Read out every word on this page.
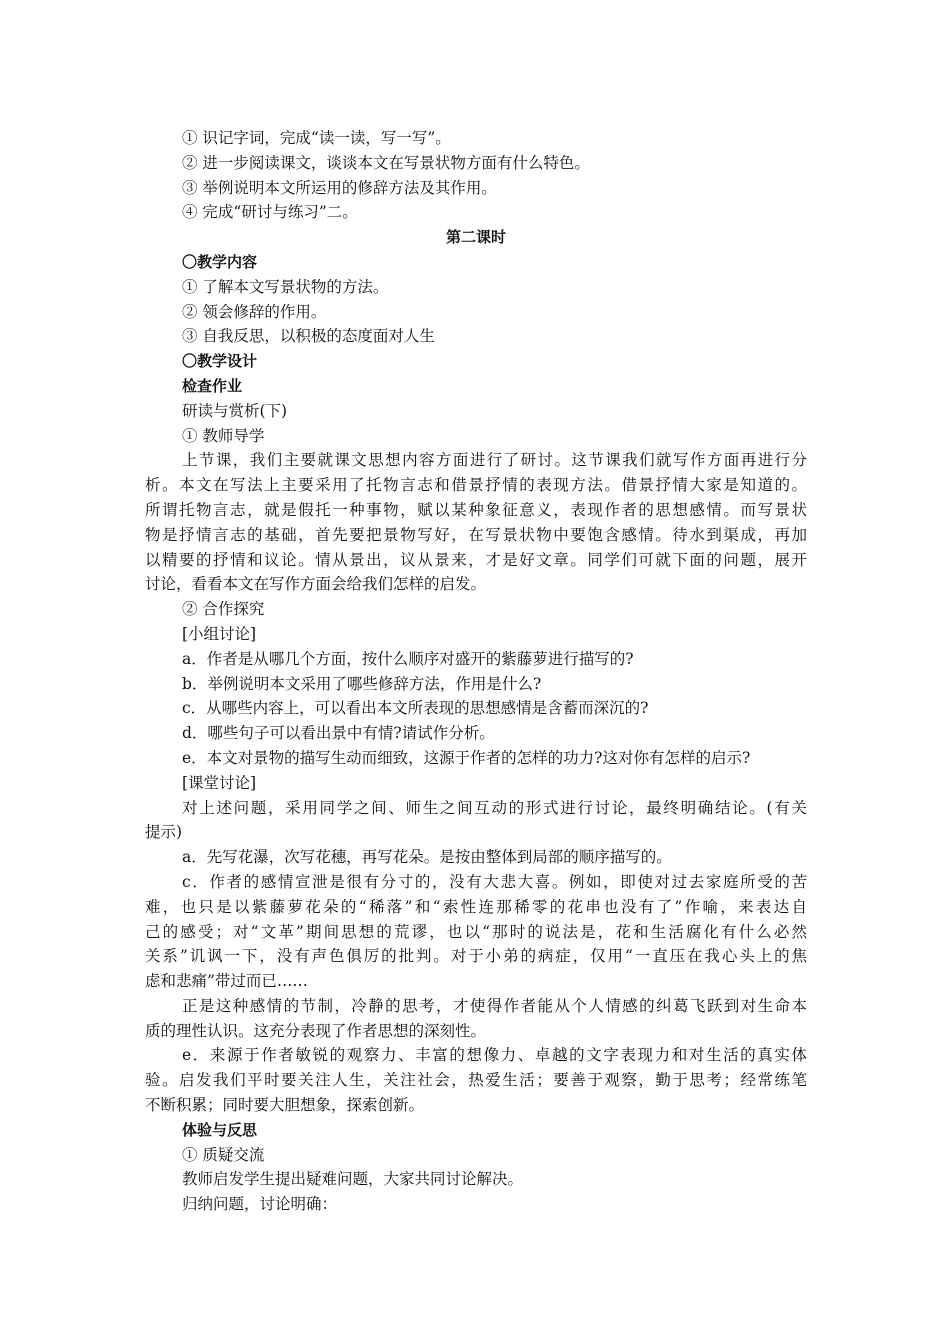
① 识记字词，完成“读一读，写一写”。
② 进一步阅读课文，谈谈本文在写景状物方面有什么特色。
③ 举例说明本文所运用的修辞方法及其作用。
④ 完成“研讨与练习”二。
第二课时
〇教学内容
① 了解本文写景状物的方法。
② 领会修辞的作用。
③ 自我反思，以积极的态度面对人生
〇教学设计
检查作业
研读与赏析(下)
① 教师导学
上节课，我们主要就课文思想内容方面进行了研讨。这节课我们就写作方面再进行分
析。本文在写法上主要采用了托物言志和借景抒情的表现方法。借景抒情大家是知道的。
所谓托物言志，就是假托一种事物，赋以某种象征意义，表现作者的思想感情。而写景状
物是抒情言志的基础，首先要把景物写好，在写景状物中要饱含感情。待水到渠成，再加
以精要的抒情和议论。情从景出，议从景来，才是好文章。同学们可就下面的问题，展开
讨论，看看本文在写作方面会给我们怎样的启发。
② 合作探究
[小组讨论]
a．作者是从哪几个方面，按什么顺序对盛开的紫藤萝进行描写的?
b．举例说明本文采用了哪些修辞方法，作用是什么?
c．从哪些内容上，可以看出本文所表现的思想感情是含蓄而深沉的?
d．哪些句子可以看出景中有情?请试作分析。
e．本文对景物的描写生动而细致，这源于作者的怎样的功力?这对你有怎样的启示?
[课堂讨论]
对上述问题，采用同学之间、师生之间互动的形式进行讨论，最终明确结论。(有关
提示)
a．先写花瀑，次写花穗，再写花朵。是按由整体到局部的顺序描写的。
c．作者的感情宣泄是很有分寸的，没有大悲大喜。例如，即使对过去家庭所受的苦
难，也只是以紫藤萝花朵的“稀落”和“索性连那稀零的花串也没有了”作喻，来表达自
己的感受；对“文革”期间思想的荒谬，也以“那时的说法是，花和生活腐化有什么必然
关系”讥讽一下，没有声色俱厉的批判。对于小弟的病症，仅用“一直压在我心头上的焦
虑和悲痛”带过而已……
正是这种感情的节制，冷静的思考，才使得作者能从个人情感的纠葛飞跃到对生命本
质的理性认识。这充分表现了作者思想的深刻性。
e．来源于作者敏锐的观察力、丰富的想像力、卓越的文字表现力和对生活的真实体
验。启发我们平时要关注人生，关注社会，热爱生活；要善于观察，勤于思考；经常练笔
不断积累；同时要大胆想象，探索创新。
体验与反思
① 质疑交流
教师启发学生提出疑难问题，大家共同讨论解决。
归纳问题，讨论明确：
